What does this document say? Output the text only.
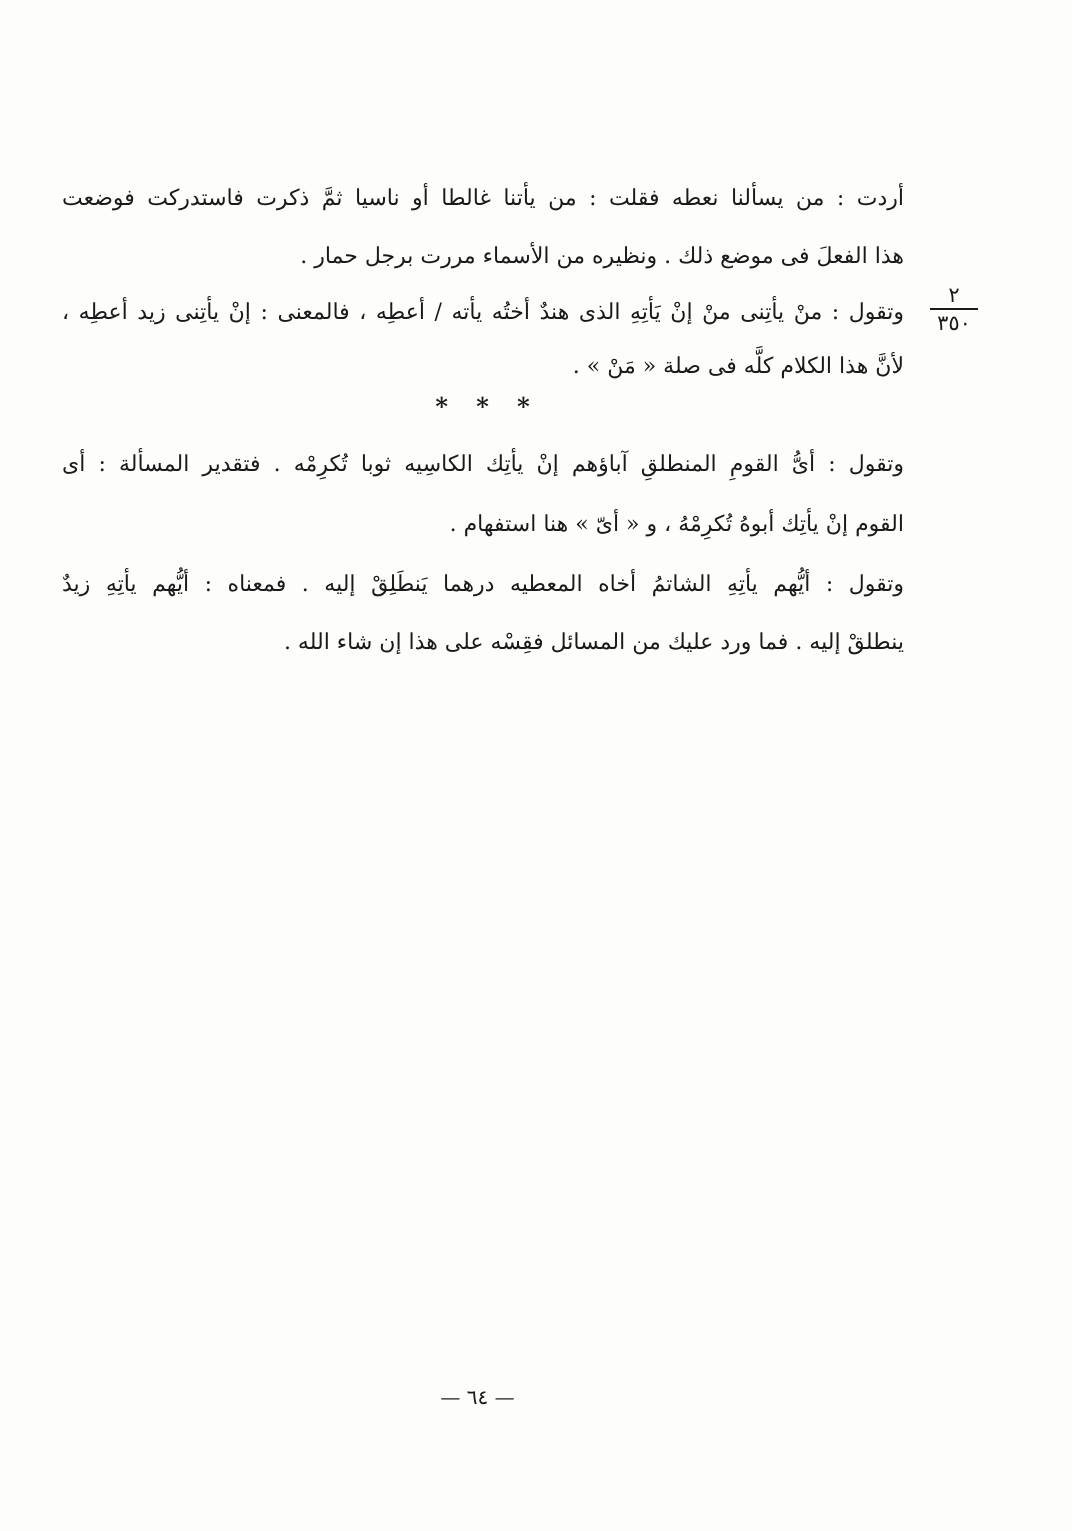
أردت : من يسألنا نعطه فقلت : من يأتنا غالطا أو ناسيا ثمَّ ذكرت فاستدركت فوضعت
هذا الفعلَ فى موضع ذلك . ونظيره من الأسماء مررت برجل حمار .
وتقول : منْ يأتِنى منْ إنْ يَأتِهِ الذى هندٌ أختُه يأته / أعطِه ، فالمعنى : إنْ يأتِنى زيد أعطِه ،
لأنَّ هذا الكلام كلَّه فى صلة « مَنْ » .
٢
٣٥٠
* * *
وتقول : أىُّ القومِ المنطلقِ آباؤهم إنْ يأتِك الكاسِيه ثوبا تُكرِمْه . فتقدير المسألة : أى
القوم إنْ يأتِك أبوهُ تُكرِمْهُ ، و « أىّ » هنا استفهام .
وتقول : أيُّهم يأتِهِ الشاتمُ أخاه المعطيه درهما يَنطَلِقْ إليه . فمعناه : أيُّهم يأتِهِ زيدٌ
ينطلقْ إليه . فما ورد عليك من المسائل فقِسْه على هذا إن شاء الله .
— ٦٤ —
